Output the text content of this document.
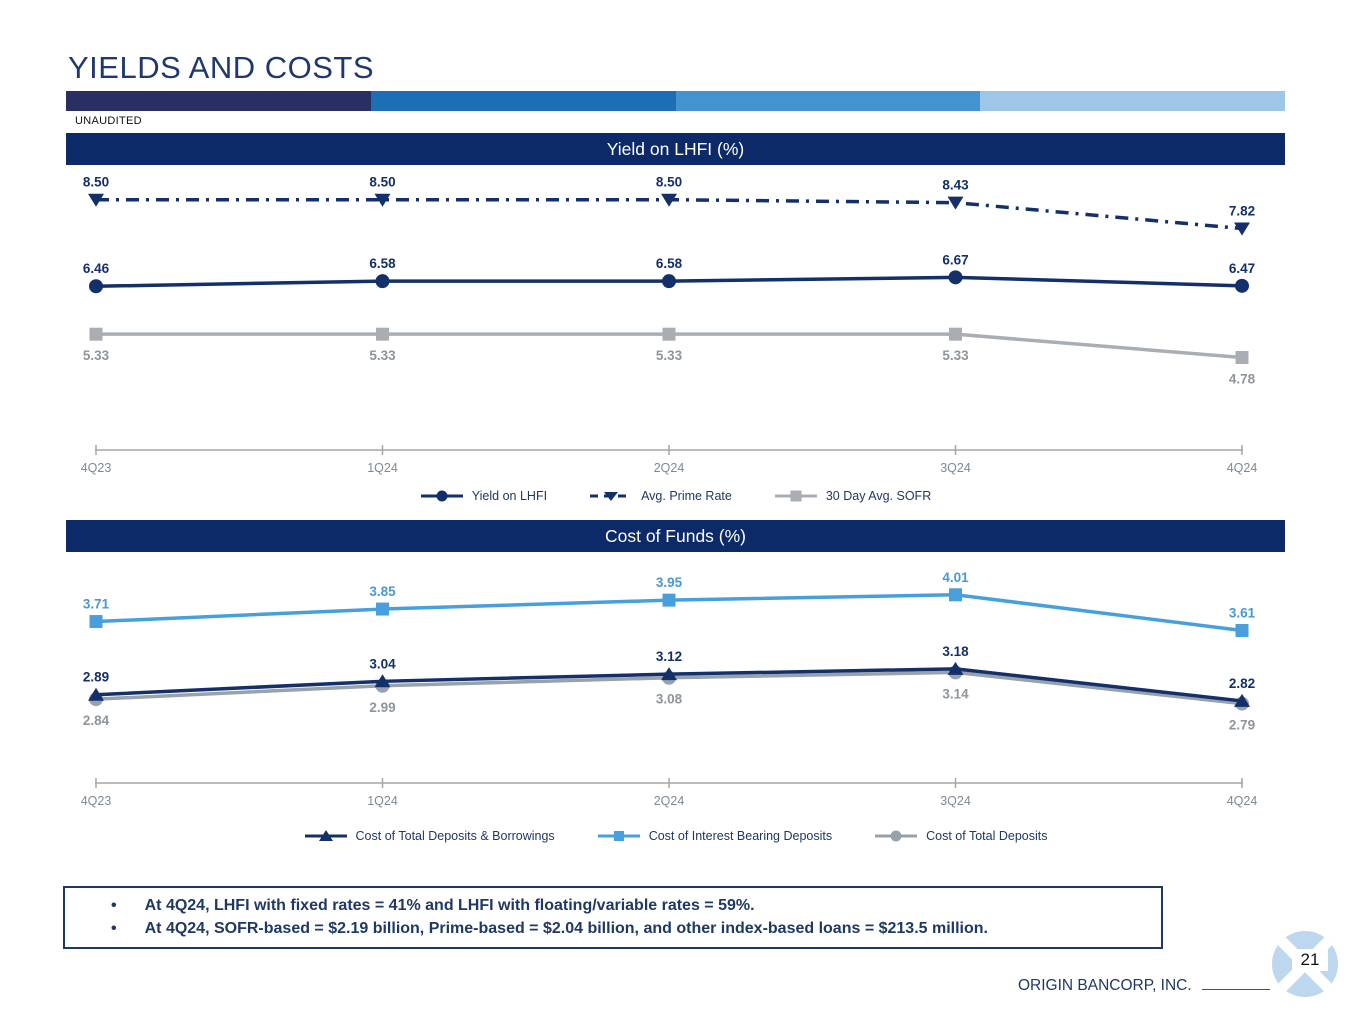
YIELDS AND COSTS
UNAUDITED
Yield on LHFI (%)
4Q23	1Q24	2Q24	3Q24	4Q24
5.33	5.33	5.33	5.33
4.78
8.50	8.50	8.50	8.43
7.82
6.46	6.58	6.58	6.67
6.47
Yield on LHFI	Avg. Prime Rate	30 Day Avg. SOFR
Cost of Funds (%)
4Q23	1Q24	2Q24	3Q24	4Q24
2.84
2.99
3.08	3.14
2.79
3.71
3.85
3.95	4.01
3.61
2.89
3.04	3.12	3.18
2.82
Cost of Total Deposits & Borrowings	Cost of Interest Bearing Deposits	Cost of Total Deposits
• At 4Q24, LHFI with fixed rates = 41% and LHFI with floating/variable rates = 59%.
• At 4Q24, SOFR-based = $2.19 billion, Prime-based = $2.04 billion, and other index-based loans = $213.5 million.
ORIGIN BANCORP, INC.
21
